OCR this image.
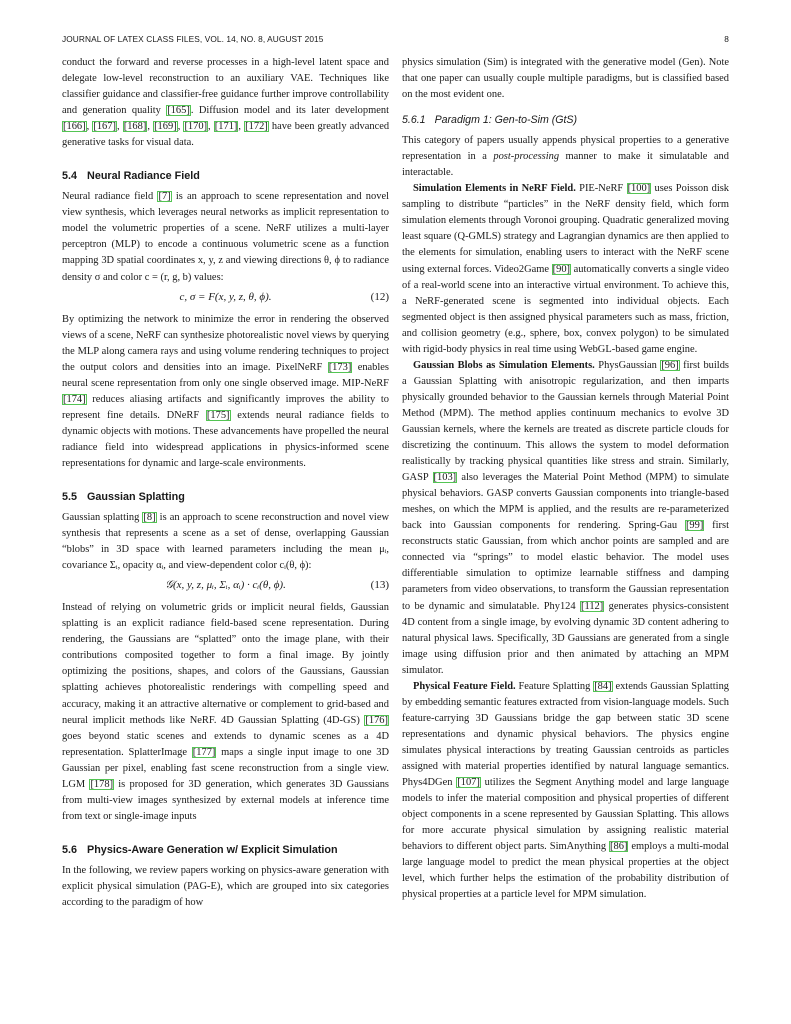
JOURNAL OF LATEX CLASS FILES, VOL. 14, NO. 8, AUGUST 2015	8

conduct the forward and reverse processes in a high-level latent space and delegate low-level reconstruction to an auxiliary VAE. Techniques like classifier guidance and classifier-free guidance further improve controllability and generation quality [165]. Diffusion model and its later development [166], [167], [168], [169], [170], [171], [172] have been greatly advanced generative tasks for visual data.

5.4 Neural Radiance Field

Neural radiance field [7] is an approach to scene representation and novel view synthesis, which leverages neural networks as implicit representation to model the volumetric properties of a scene. NeRF utilizes a multi-layer perceptron (MLP) to encode a continuous volumetric scene as a function mapping 3D spatial coordinates x, y, z and viewing directions θ, ϕ to radiance density σ and color c = (r, g, b) values:

c, σ = F(x, y, z, θ, ϕ).	(12)

By optimizing the network to minimize the error in rendering the observed views of a scene, NeRF can synthesize photorealistic novel views by querying the MLP along camera rays and using volume rendering techniques to project the output colors and densities into an image. PixelNeRF [173] enables neural scene representation from only one single observed image. MIP-NeRF [174] reduces aliasing artifacts and significantly improves the ability to represent fine details. DNeRF [175] extends neural radiance fields to dynamic objects with motions. These advancements have propelled the neural radiance field into widespread applications in physics-informed scene representations for dynamic and large-scale environments.

5.5 Gaussian Splatting

Gaussian splatting [8] is an approach to scene reconstruction and novel view synthesis that represents a scene as a set of dense, overlapping Gaussian “blobs” in 3D space with learned parameters including the mean μᵢ, covariance Σᵢ, opacity αᵢ, and view-dependent color cᵢ(θ, ϕ):

𝒢(x, y, z, μᵢ, Σᵢ, αᵢ) · cᵢ(θ, ϕ).	(13)

Instead of relying on volumetric grids or implicit neural fields, Gaussian splatting is an explicit radiance field-based scene representation. During rendering, the Gaussians are “splatted” onto the image plane, with their contributions composited together to form a final image. By jointly optimizing the positions, shapes, and colors of the Gaussians, Gaussian splatting achieves photorealistic renderings with compelling speed and accuracy, making it an attractive alternative or complement to grid-based and neural implicit methods like NeRF. 4D Gaussian Splatting (4D-GS) [176] goes beyond static scenes and extends to dynamic scenes as a 4D representation. SplatterImage [177] maps a single input image to one 3D Gaussian per pixel, enabling fast scene reconstruction from a single view. LGM [178] is proposed for 3D generation, which generates 3D Gaussians from multi-view images synthesized by external models at inference time from text or single-image inputs

5.6 Physics-Aware Generation w/ Explicit Simulation

In the following, we review papers working on physics-aware generation with explicit physical simulation (PAG-E), which are grouped into six categories according to the paradigm of how

physics simulation (Sim) is integrated with the generative model (Gen). Note that one paper can usually couple multiple paradigms, but is classified based on the most evident one.

5.6.1 Paradigm 1: Gen-to-Sim (GtS)

This category of papers usually appends physical properties to a generative representation in a post-processing manner to make it simulatable and interactable.

Simulation Elements in NeRF Field. PIE-NeRF [100] uses Poisson disk sampling to distribute “particles” in the NeRF density field, which form simulation elements through Voronoi grouping. Quadratic generalized moving least square (Q-GMLS) strategy and Lagrangian dynamics are then applied to the elements for simulation, enabling users to interact with the NeRF scene using external forces. Video2Game [90] automatically converts a single video of a real-world scene into an interactive virtual environment. To achieve this, a NeRF-generated scene is segmented into individual objects. Each segmented object is then assigned physical parameters such as mass, friction, and collision geometry (e.g., sphere, box, convex polygon) to be simulated with rigid-body physics in real time using WebGL-based game engine.

Gaussian Blobs as Simulation Elements. PhysGaussian [96] first builds a Gaussian Splatting with anisotropic regularization, and then imparts physically grounded behavior to the Gaussian kernels through Material Point Method (MPM). The method applies continuum mechanics to evolve 3D Gaussian kernels, where the kernels are treated as discrete particle clouds for discretizing the continuum. This allows the system to model deformation realistically by tracking physical quantities like stress and strain. Similarly, GASP [103] also leverages the Material Point Method (MPM) to simulate physical behaviors. GASP converts Gaussian components into triangle-based meshes, on which the MPM is applied, and the results are re-parameterized back into Gaussian components for rendering. Spring-Gau [99] first reconstructs static Gaussian, from which anchor points are sampled and are connected via “springs” to model elastic behavior. The model uses differentiable simulation to optimize learnable stiffness and damping parameters from video observations, to transform the Gaussian representation to be dynamic and simulatable. Phy124 [112] generates physics-consistent 4D content from a single image, by evolving dynamic 3D content adhering to natural physical laws. Specifically, 3D Gaussians are generated from a single image using diffusion prior and then animated by attaching an MPM simulator.

Physical Feature Field. Feature Splatting [84] extends Gaussian Splatting by embedding semantic features extracted from vision-language models. Such feature-carrying 3D Gaussians bridge the gap between static 3D scene representations and dynamic physical behaviors. The physics engine simulates physical interactions by treating Gaussian centroids as particles assigned with material properties identified by natural language semantics. Phys4DGen [107] utilizes the Segment Anything model and large language models to infer the material composition and physical properties of different object components in a scene represented by Gaussian Splatting. This allows for more accurate physical simulation by assigning realistic material behaviors to different object parts. SimAnything [86] employs a multi-modal large language model to predict the mean physical properties at the object level, which further helps the estimation of the probability distribution of physical properties at a particle level for MPM simulation.
